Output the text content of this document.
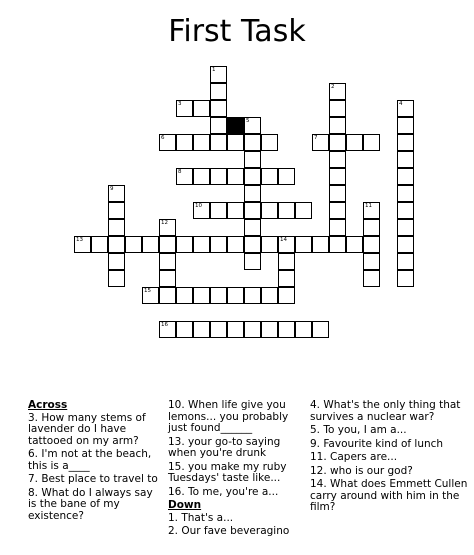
First Task
1
3
5
6	7
8
10
2
4
9
11
12
13	14
15
16
Across
3. How many stems of lavender do I have tattooed on my arm?
6. I'm not at the beach, this is a____
7. Best place to travel to
8. What do I always say is the bane of my existence?
10. When life give you lemons... you probably just found______
13. your go-to saying when you're drunk
15. you make my ruby Tuesdays' taste like...
16. To me, you're a...
Down
1. That's a...
2. Our fave beveragino
4. What's the only thing that survives a nuclear war?
5. To you, I am a...
9. Favourite kind of lunch
11. Capers are...
12. who is our god?
14. What does Emmett Cullen carry around with him in the film?
